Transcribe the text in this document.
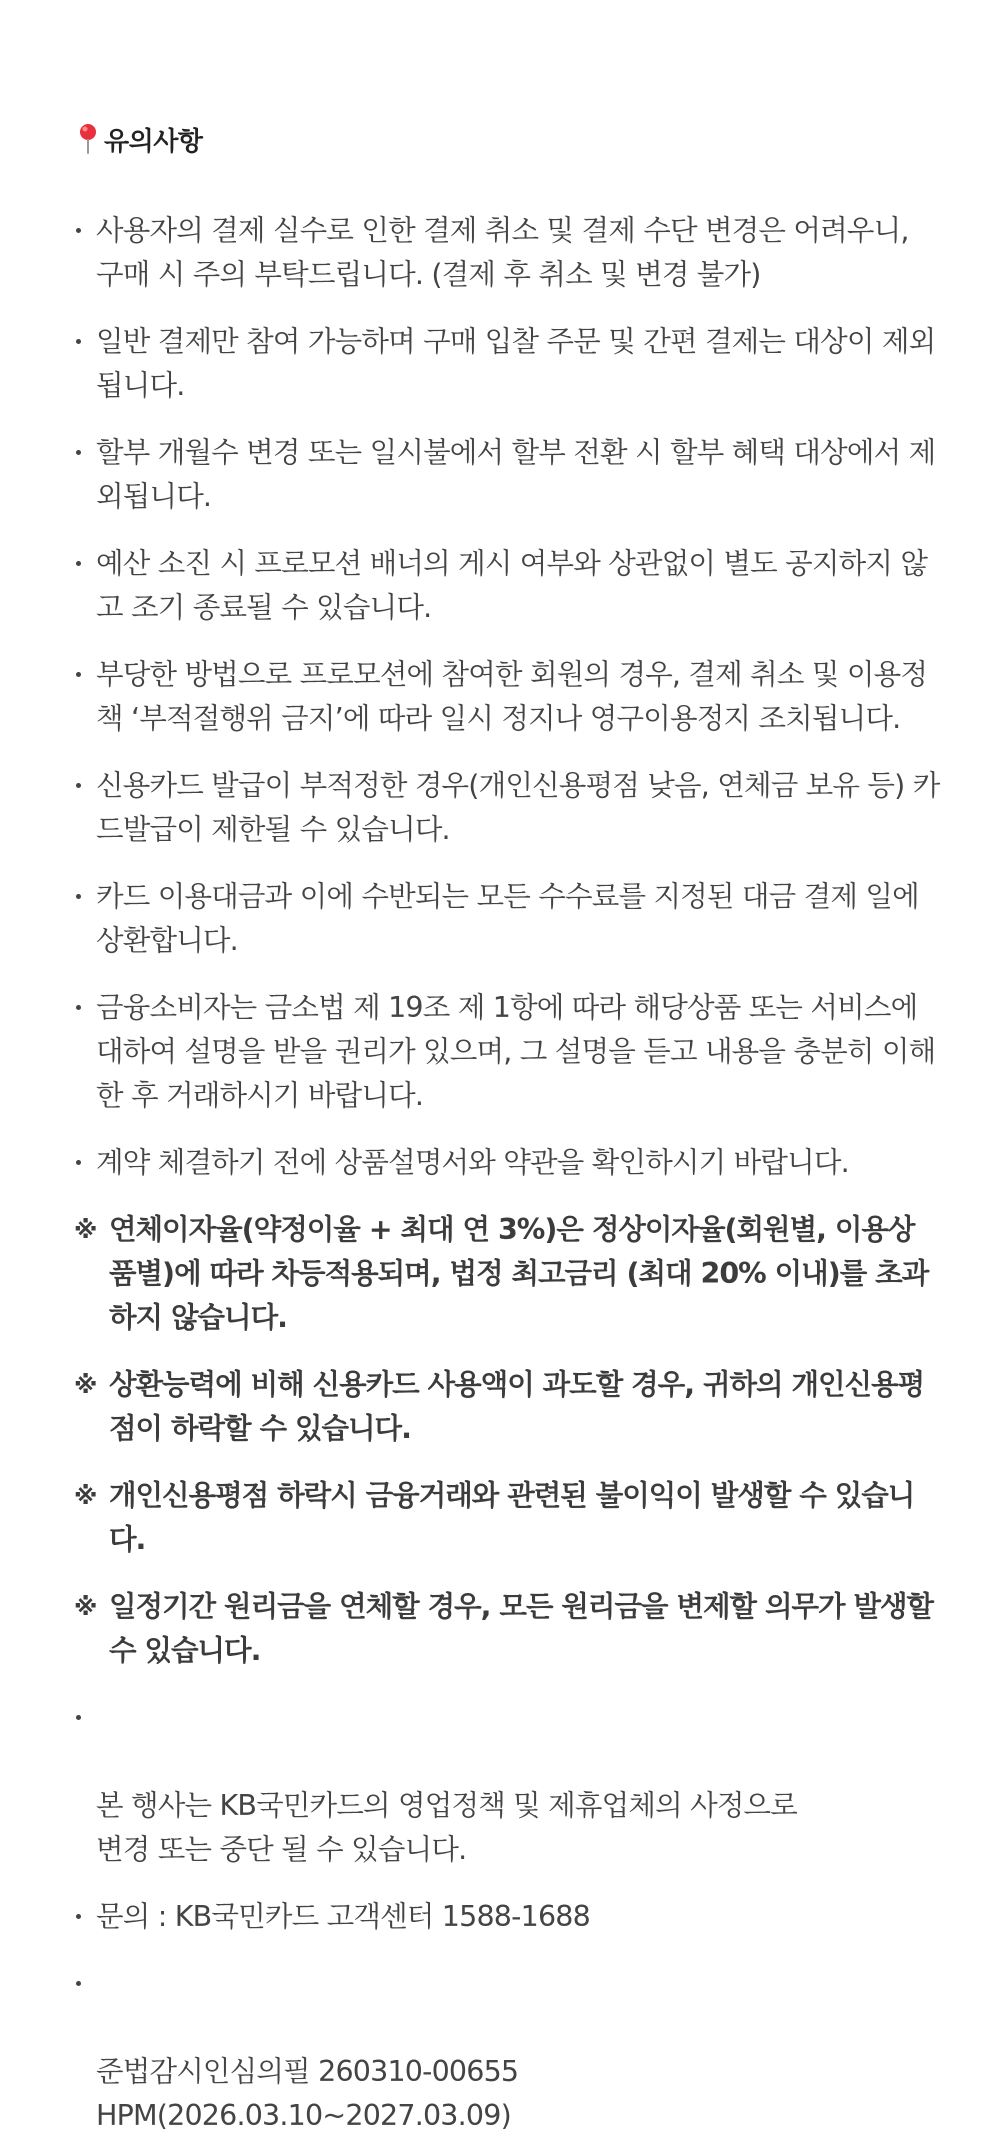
유의사항
사용자의 결제 실수로 인한 결제 취소 및 결제 수단 변경은 어려우니, 구매 시 주의 부탁드립니다. (결제 후 취소 및 변경 불가)
일반 결제만 참여 가능하며 구매 입찰 주문 및 간편 결제는 대상이 제외됩니다.
할부 개월수 변경 또는 일시불에서 할부 전환 시 할부 혜택 대상에서 제외됩니다.
예산 소진 시 프로모션 배너의 게시 여부와 상관없이 별도 공지하지 않고 조기 종료될 수 있습니다.
부당한 방법으로 프로모션에 참여한 회원의 경우, 결제 취소 및 이용정책 ‘부적절행위 금지’에 따라 일시 정지나 영구이용정지 조치됩니다.
신용카드 발급이 부적정한 경우(개인신용평점 낮음, 연체금 보유 등) 카드발급이 제한될 수 있습니다.
카드 이용대금과 이에 수반되는 모든 수수료를 지정된 대금 결제 일에 상환합니다.
금융소비자는 금소법 제 19조 제 1항에 따라 해당상품 또는 서비스에 대하여 설명을 받을 권리가 있으며, 그 설명을 듣고 내용을 충분히 이해한 후 거래하시기 바랍니다.
계약 체결하기 전에 상품설명서와 약관을 확인하시기 바랍니다.
※ 연체이자율(약정이율 + 최대 연 3%)은 정상이자율(회원별, 이용상품별)에 따라 차등적용되며, 법정 최고금리 (최대 20% 이내)를 초과하지 않습니다.
※ 상환능력에 비해 신용카드 사용액이 과도할 경우, 귀하의 개인신용평점이 하락할 수 있습니다.
※ 개인신용평점 하락시 금융거래와 관련된 불이익이 발생할 수 있습니다.
※ 일정기간 원리금을 연체할 경우, 모든 원리금을 변제할 의무가 발생할 수 있습니다.

본 행사는 KB국민카드의 영업정책 및 제휴업체의 사정으로
변경 또는 중단 될 수 있습니다.

문의 : KB국민카드 고객센터 1588-1688

준법감시인심의필 260310-00655
HPM(2026.03.10~2027.03.09)
